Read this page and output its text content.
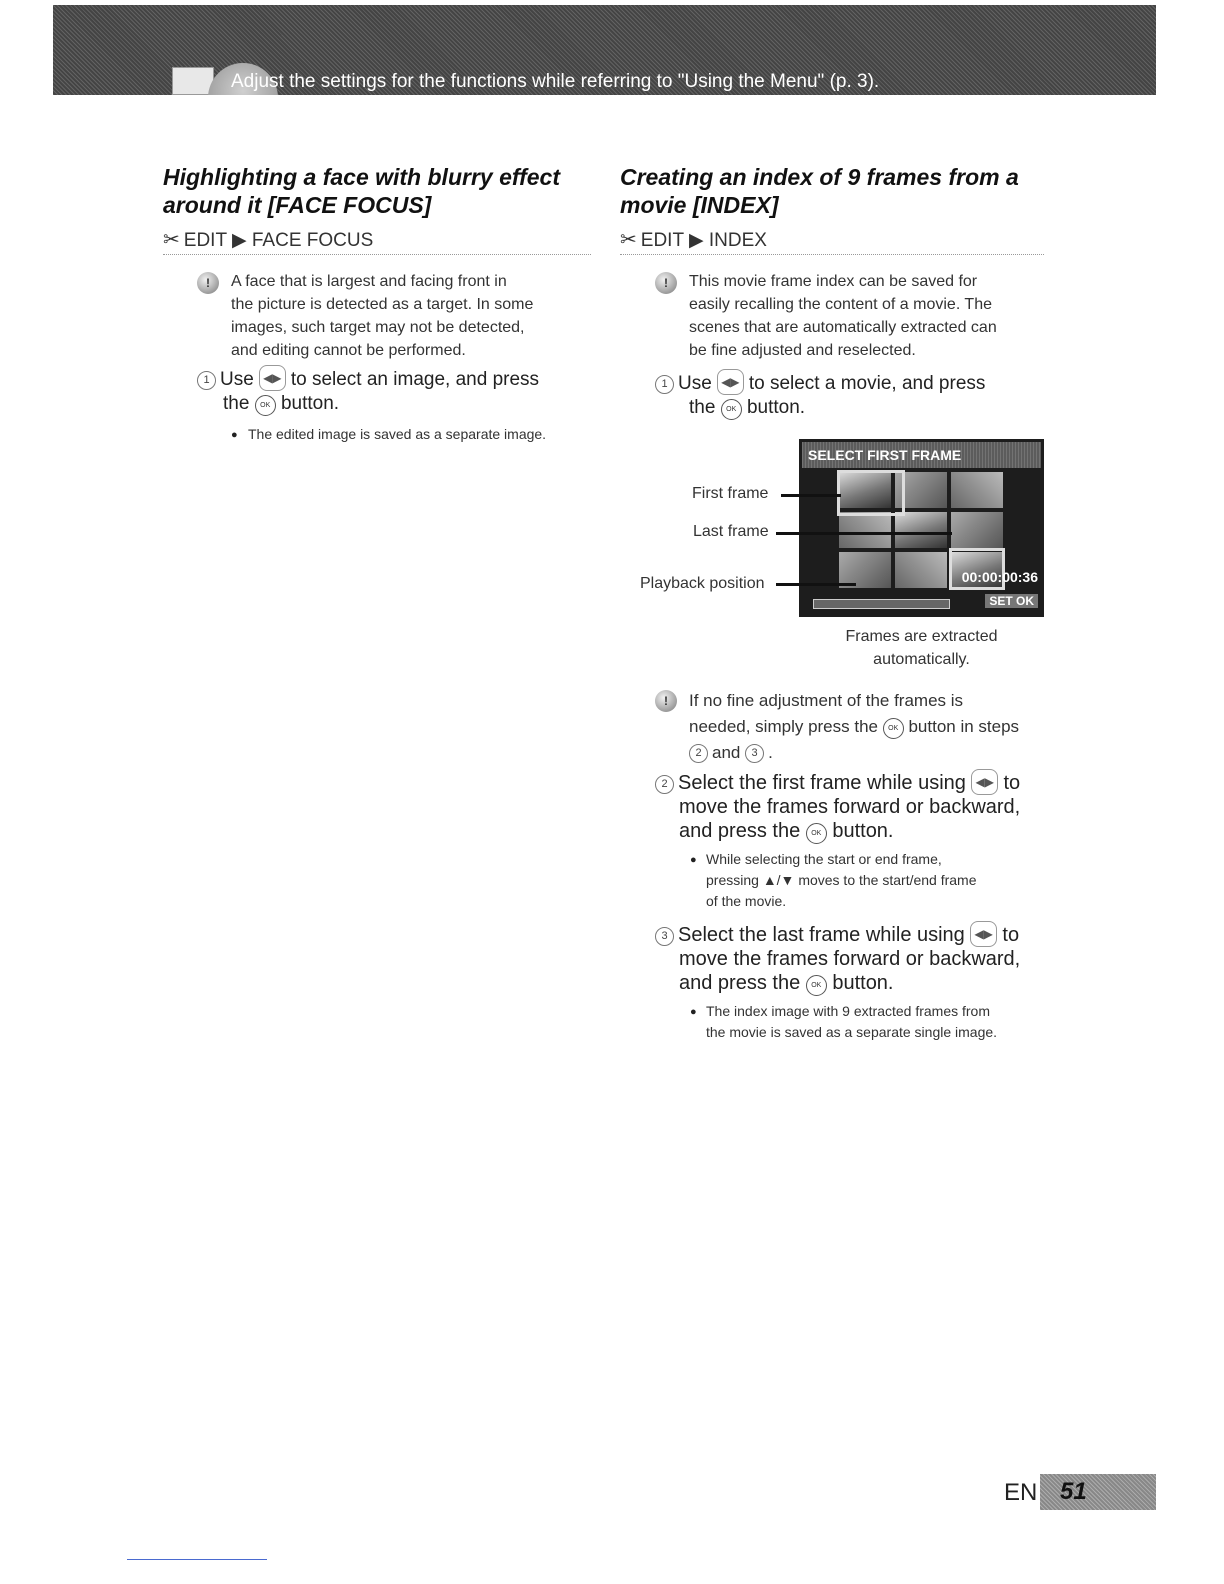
Adjust the settings for the functions while referring to "Using the Menu" (p. 3).
Highlighting a face with blurry effect
around it [FACE FOCUS]
✂ EDIT ▶ FACE FOCUS
!	A face that is largest and facing front in
the picture is detected as a target. In some
images, such target may not be detected,
and editing cannot be performed.
1 Use ◀▶ to select an image, and press
the OK button.
● The edited image is saved as a separate image.
Creating an index of 9 frames from a
movie [INDEX]
✂ EDIT ▶ INDEX
!	This movie frame index can be saved for
easily recalling the content of a movie. The
scenes that are automatically extracted can
be fine adjusted and reselected.
1 Use ◀▶ to select a movie, and press
the OK button.
SELECT FIRST FRAME
00:00:00:36
SET OK
First frame
Last frame
Playback position
Frames are extracted
automatically.
!	If no fine adjustment of the frames is
needed, simply press the OK button in steps
2 and 3 .
2 Select the first frame while using ◀▶ to
move the frames forward or backward,
and press the OK button.
● While selecting the start or end frame,
pressing ▲/▼ moves to the start/end frame
of the movie.
3 Select the last frame while using ◀▶ to
move the frames forward or backward,
and press the OK button.
● The index image with 9 extracted frames from
the movie is saved as a separate single image.
EN 51
